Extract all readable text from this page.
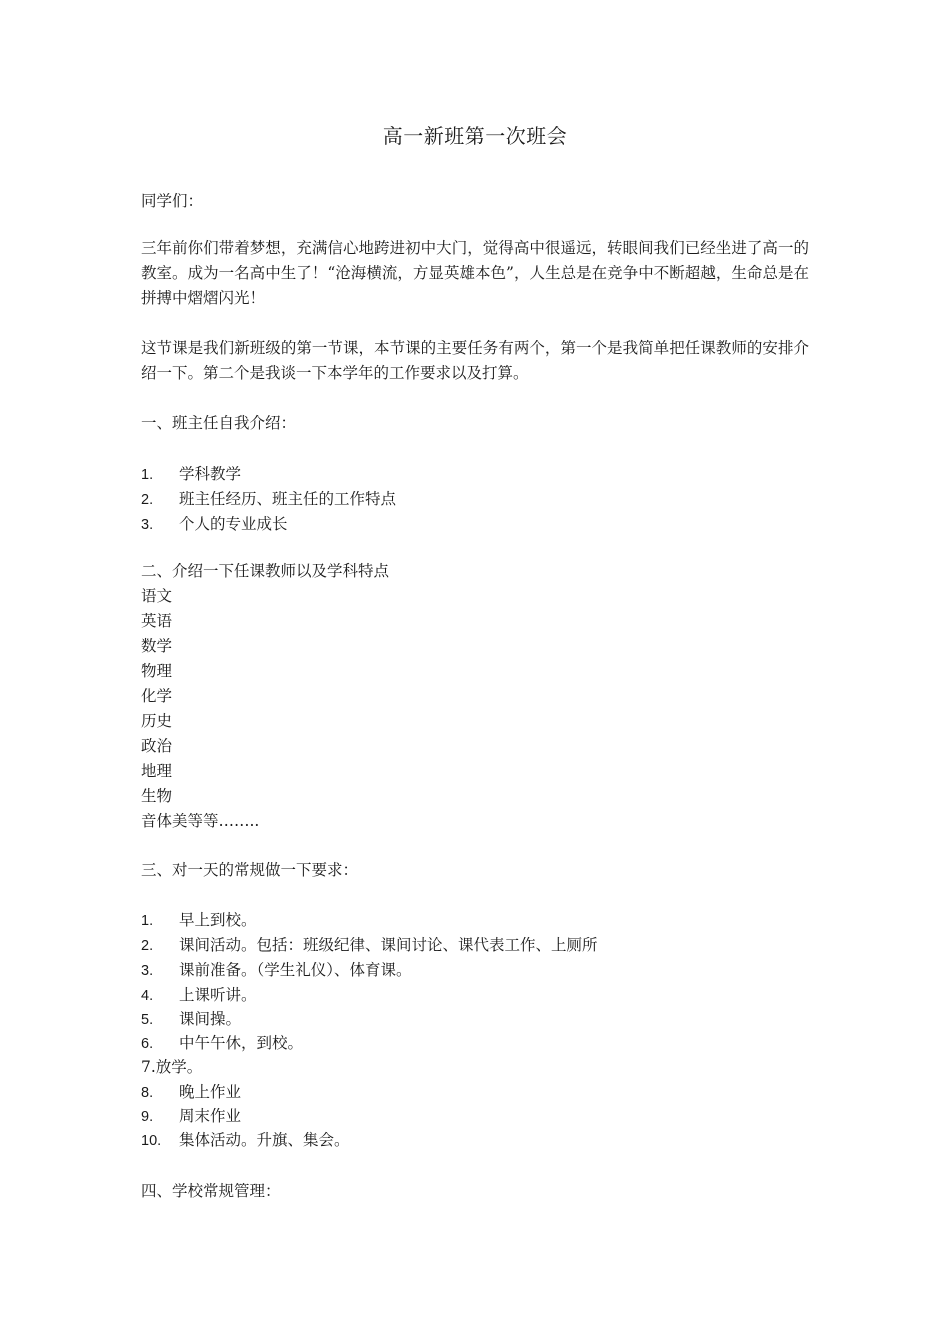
高一新班第一次班会
同学们：
三年前你们带着梦想，充满信心地跨进初中大门，觉得高中很遥远，转眼间我们已经坐进了高一的教室。成为一名高中生了！“沧海横流，方显英雄本色”，人生总是在竞争中不断超越，生命总是在拼搏中熠熠闪光！
这节课是我们新班级的第一节课，本节课的主要任务有两个，第一个是我简单把任课教师的安排介绍一下。第二个是我谈一下本学年的工作要求以及打算。
一、班主任自我介绍：
1. 学科教学
2. 班主任经历、班主任的工作特点
3. 个人的专业成长
二、介绍一下任课教师以及学科特点
语文
英语
数学
物理
化学
历史
政治
地理
生物
音体美等等……..
三、对一天的常规做一下要求：
1. 早上到校。
2. 课间活动。包括：班级纪律、课间讨论、课代表工作、上厕所
3. 课前准备。（学生礼仪）、体育课。
4. 上课听讲。
5. 课间操。
6. 中午午休，到校。
7.放学。
8. 晚上作业
9. 周末作业
10. 集体活动。升旗、集会。
四、学校常规管理：
